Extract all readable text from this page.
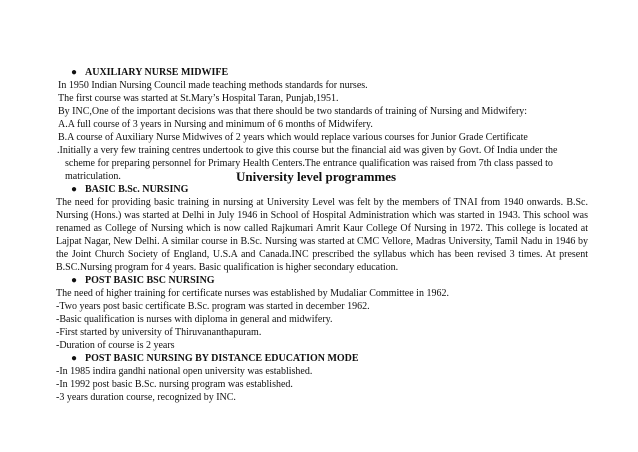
● AUXILIARY NURSE MIDWIFE
In 1950 Indian Nursing Council made teaching methods standards for nurses.
The first course was started at St.Mary’s Hospital Taran, Punjab,1951.
By INC,One of the important decisions was that there should be two standards of training of Nursing and Midwifery:
A.A full course of 3 years in Nursing and minimum of 6 months of Midwifery.
B.A course of Auxiliary Nurse Midwives of 2 years which would replace various courses for Junior Grade Certificate
.Initially a very few training centres undertook to give this course but the financial aid was given by Govt. Of India under the
scheme for preparing personnel for Primary Health Centers.The entrance qualification was raised from 7th class passed to
matriculation.	University level programmes
● BASIC B.Sc. NURSING
The need for providing basic training in nursing at University Level was felt by the members of TNAI from 1940 onwards. B.Sc.
Nursing (Hons.) was started at Delhi in July 1946 in School of Hospital Administration which was started in 1943. This school was
renamed as College of Nursing which is now called Rajkumari Amrit Kaur College Of Nursing in 1972. This college is located at
Lajpat Nagar, New Delhi. A similar course in B.Sc. Nursing was started at CMC Vellore, Madras University, Tamil Nadu in 1946 by
the Joint Church Society of England, U.S.A and Canada.INC prescribed the syllabus which has been revised 3 times. At present
B.SC.Nursing program for 4 years. Basic qualification is higher secondary education.
● POST BASIC BSC NURSING
The need of higher training for certificate nurses was established by Mudaliar Committee in 1962.
-Two years post basic certificate B.Sc. program was started in december 1962.
-Basic qualification is nurses with diploma in general and midwifery.
-First started by university of Thiruvananthapuram.
-Duration of course is 2 years
● POST BASIC NURSING BY DISTANCE EDUCATION MODE
-In 1985 indira gandhi national open university was established.
-In 1992 post basic B.Sc. nursing program was established.
-3 years duration course, recognized by INC.
